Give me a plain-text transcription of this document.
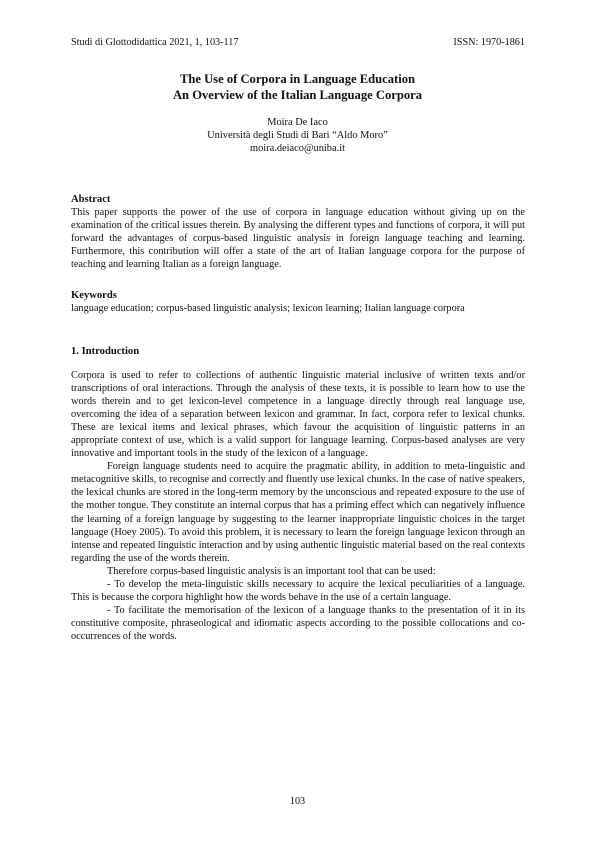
Studi di Glottodidattica 2021, 1, 103-117	ISSN: 1970-1861
The Use of Corpora in Language Education
An Overview of the Italian Language Corpora
Moira De Iaco
Università degli Studi di Bari “Aldo Moro”
moira.deiaco@uniba.it
Abstract

This paper supports the power of the use of corpora in language education without giving up on the examination of the critical issues therein. By analysing the different types and functions of corpora, it will put forward the advantages of corpus-based linguistic analysis in foreign language teaching and learning. Furthermore, this contribution will offer a state of the art of Italian language corpora for the purpose of teaching and learning Italian as a foreign language.

Keywords

language education; corpus-based linguistic analysis; lexicon learning; Italian language corpora

1. Introduction

Corpora is used to refer to collections of authentic linguistic material inclusive of written texts and/or transcriptions of oral interactions. Through the analysis of these texts, it is possible to learn how to use the words therein and to get lexicon-level competence in a language directly through real language use, overcoming the idea of a separation between lexicon and grammar. In fact, corpora refer to lexical chunks. These are lexical items and lexical phrases, which favour the acquisition of linguistic patterns in an appropriate context of use, which is a valid support for language learning. Corpus-based analyses are very innovative and important tools in the study of the lexicon of a language.

Foreign language students need to acquire the pragmatic ability, in addition to meta-linguistic and metacognitive skills, to recognise and correctly and fluently use lexical chunks. In the case of native speakers, the lexical chunks are stored in the long-term memory by the unconscious and repeated exposure to the use of the mother tongue. They constitute an internal corpus that has a priming effect which can negatively influence the learning of a foreign language by suggesting to the learner inappropriate linguistic choices in the target language (Hoey 2005). To avoid this problem, it is necessary to learn the foreign language lexicon through an intense and repeated linguistic interaction and by using authentic linguistic material based on the real contexts regarding the use of the words therein.

Therefore corpus-based linguistic analysis is an important tool that can be used:

- To develop the meta-linguistic skills necessary to acquire the lexical peculiarities of a language. This is because the corpora highlight how the words behave in the use of a certain language.

- To facilitate the memorisation of the lexicon of a language thanks to the presentation of it in its constitutive composite, phraseological and idiomatic aspects according to the possible collocations and co-occurrences of the words.

103
